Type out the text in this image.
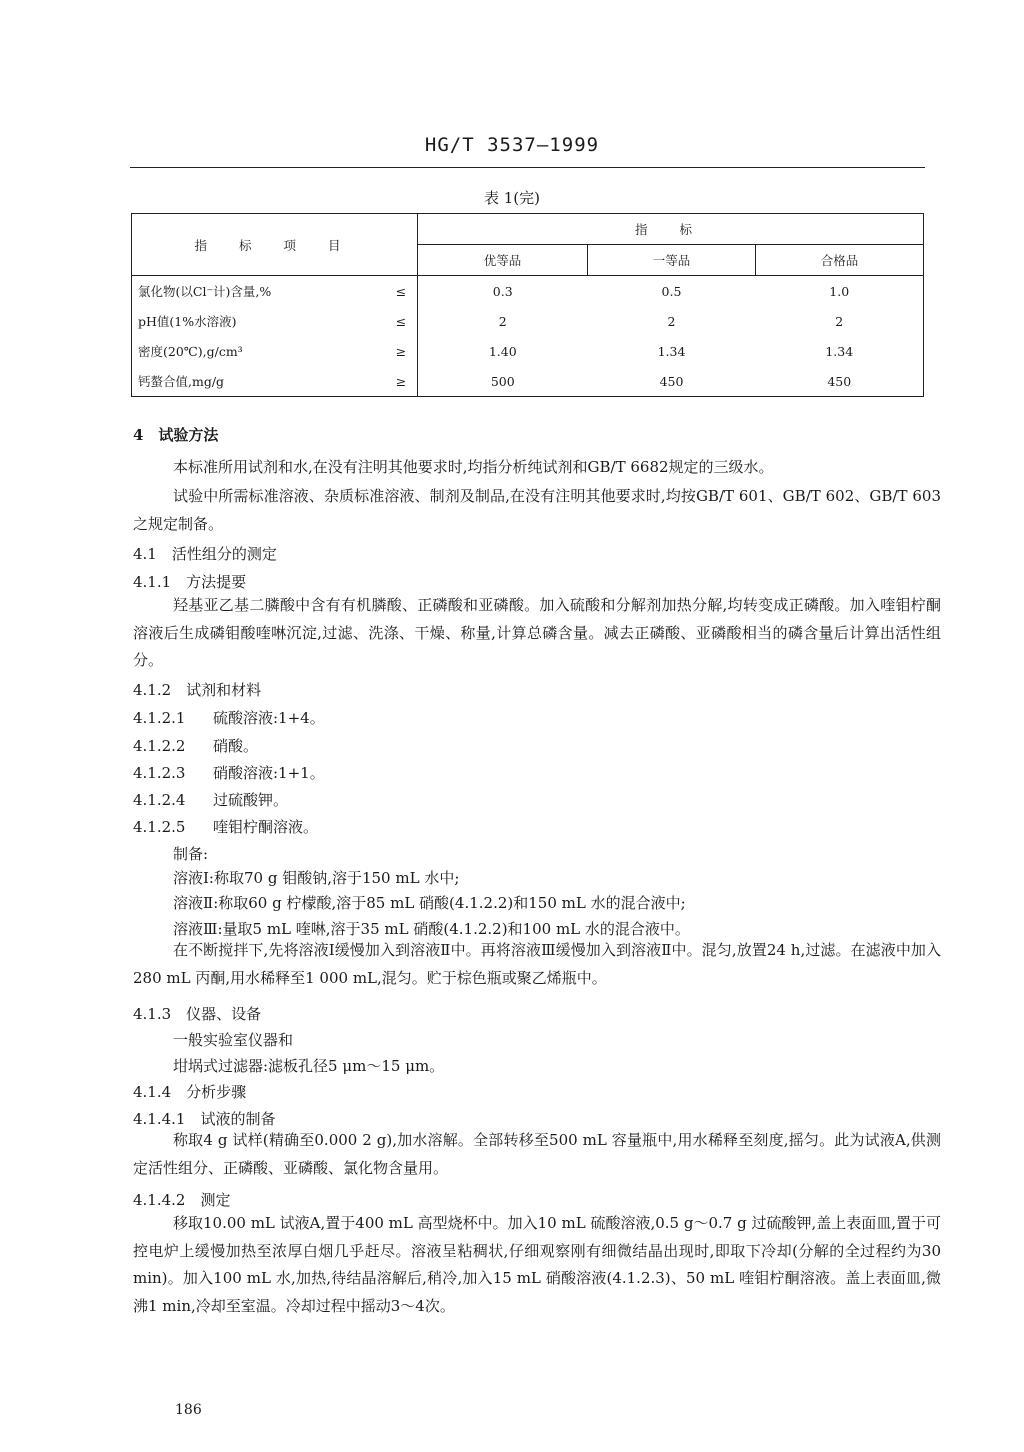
HG/T 3537—1999
表 1(完)
指 标 项 目		指 标		
		优等品	一等品	合格品
氯化物(以Cl⁻计)含量,%	≤	0.3	0.5	1.0
pH值(1%水溶液)	≤	2	2	2
密度(20℃),g/cm³	≥	1.40	1.34	1.34
钙螯合值,mg/g	≥	500	450	450
4　试验方法
本标准所用试剂和水,在没有注明其他要求时,均指分析纯试剂和GB/T 6682规定的三级水。
试验中所需标准溶液、杂质标准溶液、制剂及制品,在没有注明其他要求时,均按GB/T 601、GB/T 602、GB/T 603之规定制备。
4.1　活性组分的测定
4.1.1　方法提要
羟基亚乙基二膦酸中含有有机膦酸、正磷酸和亚磷酸。加入硫酸和分解剂加热分解,均转变成正磷酸。加入喹钼柠酮溶液后生成磷钼酸喹啉沉淀,过滤、洗涤、干燥、称量,计算总磷含量。减去正磷酸、亚磷酸相当的磷含量后计算出活性组分。
4.1.2　试剂和材料
4.1.2.1 硫酸溶液:1+4。
4.1.2.2 硝酸。
4.1.2.3 硝酸溶液:1+1。
4.1.2.4 过硫酸钾。
4.1.2.5 喹钼柠酮溶液。
制备:
溶液Ⅰ:称取70 g 钼酸钠,溶于150 mL 水中;
溶液Ⅱ:称取60 g 柠檬酸,溶于85 mL 硝酸(4.1.2.2)和150 mL 水的混合液中;
溶液Ⅲ:量取5 mL 喹啉,溶于35 mL 硝酸(4.1.2.2)和100 mL 水的混合液中。
在不断搅拌下,先将溶液Ⅰ缓慢加入到溶液Ⅱ中。再将溶液Ⅲ缓慢加入到溶液Ⅱ中。混匀,放置24 h,过滤。在滤液中加入280 mL 丙酮,用水稀释至1 000 mL,混匀。贮于棕色瓶或聚乙烯瓶中。
4.1.3　仪器、设备
一般实验室仪器和
坩埚式过滤器:滤板孔径5 μm～15 μm。
4.1.4　分析步骤
4.1.4.1　试液的制备
称取4 g 试样(精确至0.000 2 g),加水溶解。全部转移至500 mL 容量瓶中,用水稀释至刻度,摇匀。此为试液A,供测定活性组分、正磷酸、亚磷酸、氯化物含量用。
4.1.4.2　测定
移取10.00 mL 试液A,置于400 mL 高型烧杯中。加入10 mL 硫酸溶液,0.5 g～0.7 g 过硫酸钾,盖上表面皿,置于可控电炉上缓慢加热至浓厚白烟几乎赶尽。溶液呈粘稠状,仔细观察刚有细微结晶出现时,即取下冷却(分解的全过程约为30 min)。加入100 mL 水,加热,待结晶溶解后,稍冷,加入15 mL 硝酸溶液(4.1.2.3)、50 mL 喹钼柠酮溶液。盖上表面皿,微沸1 min,冷却至室温。冷却过程中摇动3～4次。
186
